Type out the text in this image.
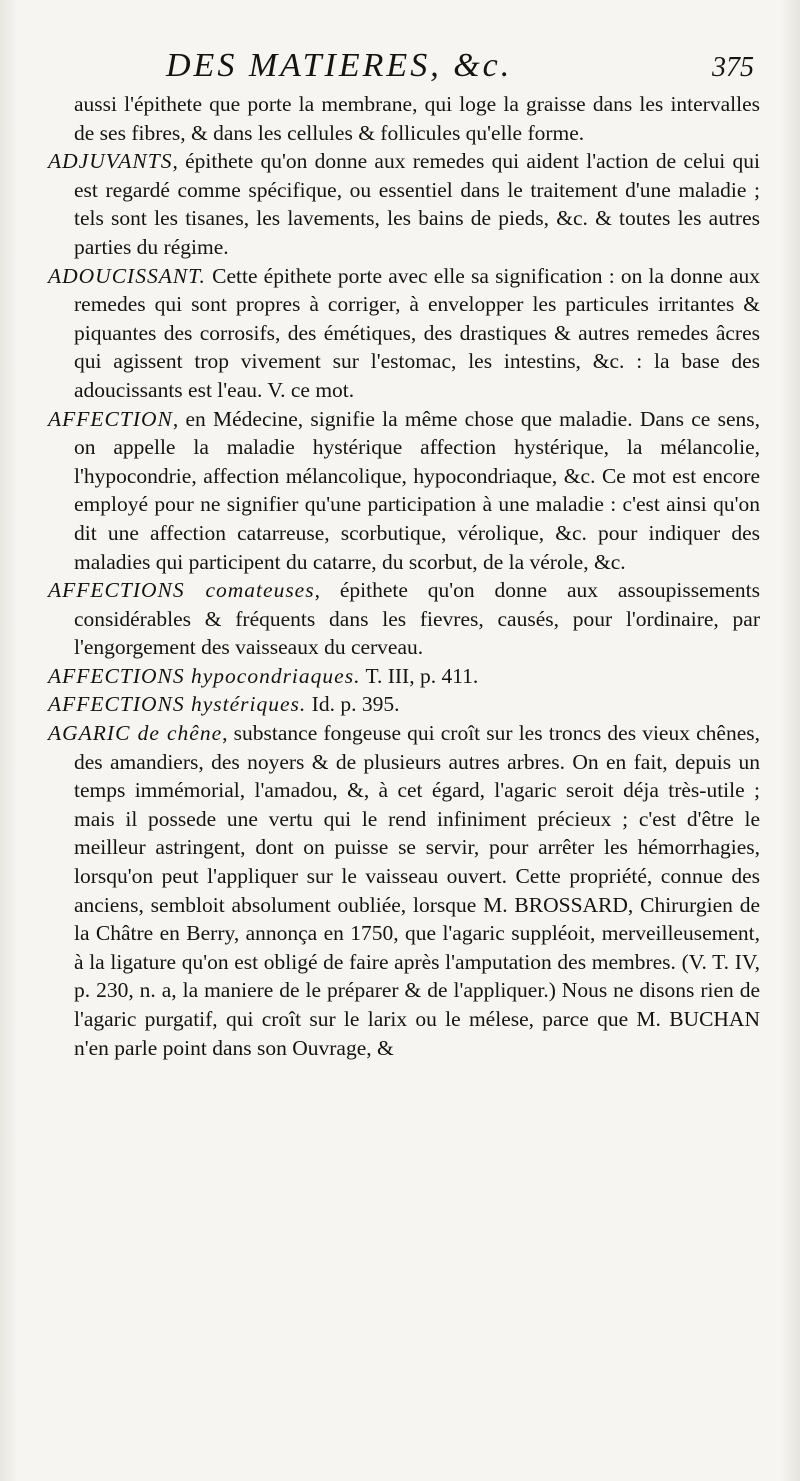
DES MATIERES, &c.	375

aussi l'épithete que porte la membrane, qui loge la graisse dans les intervalles de ses fibres, & dans les cellules & follicules qu'elle forme.

ADJUVANTS, épithete qu'on donne aux remedes qui aident l'action de celui qui est regardé comme spécifique, ou essentiel dans le traitement d'une maladie ; tels sont les tisanes, les lavements, les bains de pieds, &c. & toutes les autres parties du régime.

ADOUCISSANT. Cette épithete porte avec elle sa signification : on la donne aux remedes qui sont propres à corriger, à envelopper les particules irritantes & piquantes des corrosifs, des émétiques, des drastiques & autres remedes âcres qui agissent trop vivement sur l'estomac, les intestins, &c. : la base des adoucissants est l'eau. V. ce mot.

AFFECTION, en Médecine, signifie la même chose que maladie. Dans ce sens, on appelle la maladie hystérique affection hystérique, la mélancolie, l'hypocondrie, affection mélancolique, hypocondriaque, &c. Ce mot est encore employé pour ne signifier qu'une participation à une maladie : c'est ainsi qu'on dit une affection catarreuse, scorbutique, vérolique, &c. pour indiquer des maladies qui participent du catarre, du scorbut, de la vérole, &c.

AFFECTIONS comateuses, épithete qu'on donne aux assoupissements considérables & fréquents dans les fievres, causés, pour l'ordinaire, par l'engorgement des vaisseaux du cerveau.

AFFECTIONS hypocondriaques. T. III, p. 411.

AFFECTIONS hystériques. Id. p. 395.

AGARIC de chêne, substance fongeuse qui croît sur les troncs des vieux chênes, des amandiers, des noyers & de plusieurs autres arbres. On en fait, depuis un temps immémorial, l'amadou, &, à cet égard, l'agaric seroit déja très-utile ; mais il possede une vertu qui le rend infiniment précieux ; c'est d'être le meilleur astringent, dont on puisse se servir, pour arrêter les hémorrhagies, lorsqu'on peut l'appliquer sur le vaisseau ouvert. Cette propriété, connue des anciens, sembloit absolument oubliée, lorsque M. BROSSARD, Chirurgien de la Châtre en Berry, annonça en 1750, que l'agaric suppléoit, merveilleusement, à la ligature qu'on est obligé de faire après l'amputation des membres. (V. T. IV, p. 230, n. a, la maniere de le préparer & de l'appliquer.) Nous ne disons rien de l'agaric purgatif, qui croît sur le larix ou le mélese, parce que M. BUCHAN n'en parle point dans son Ouvrage, &
